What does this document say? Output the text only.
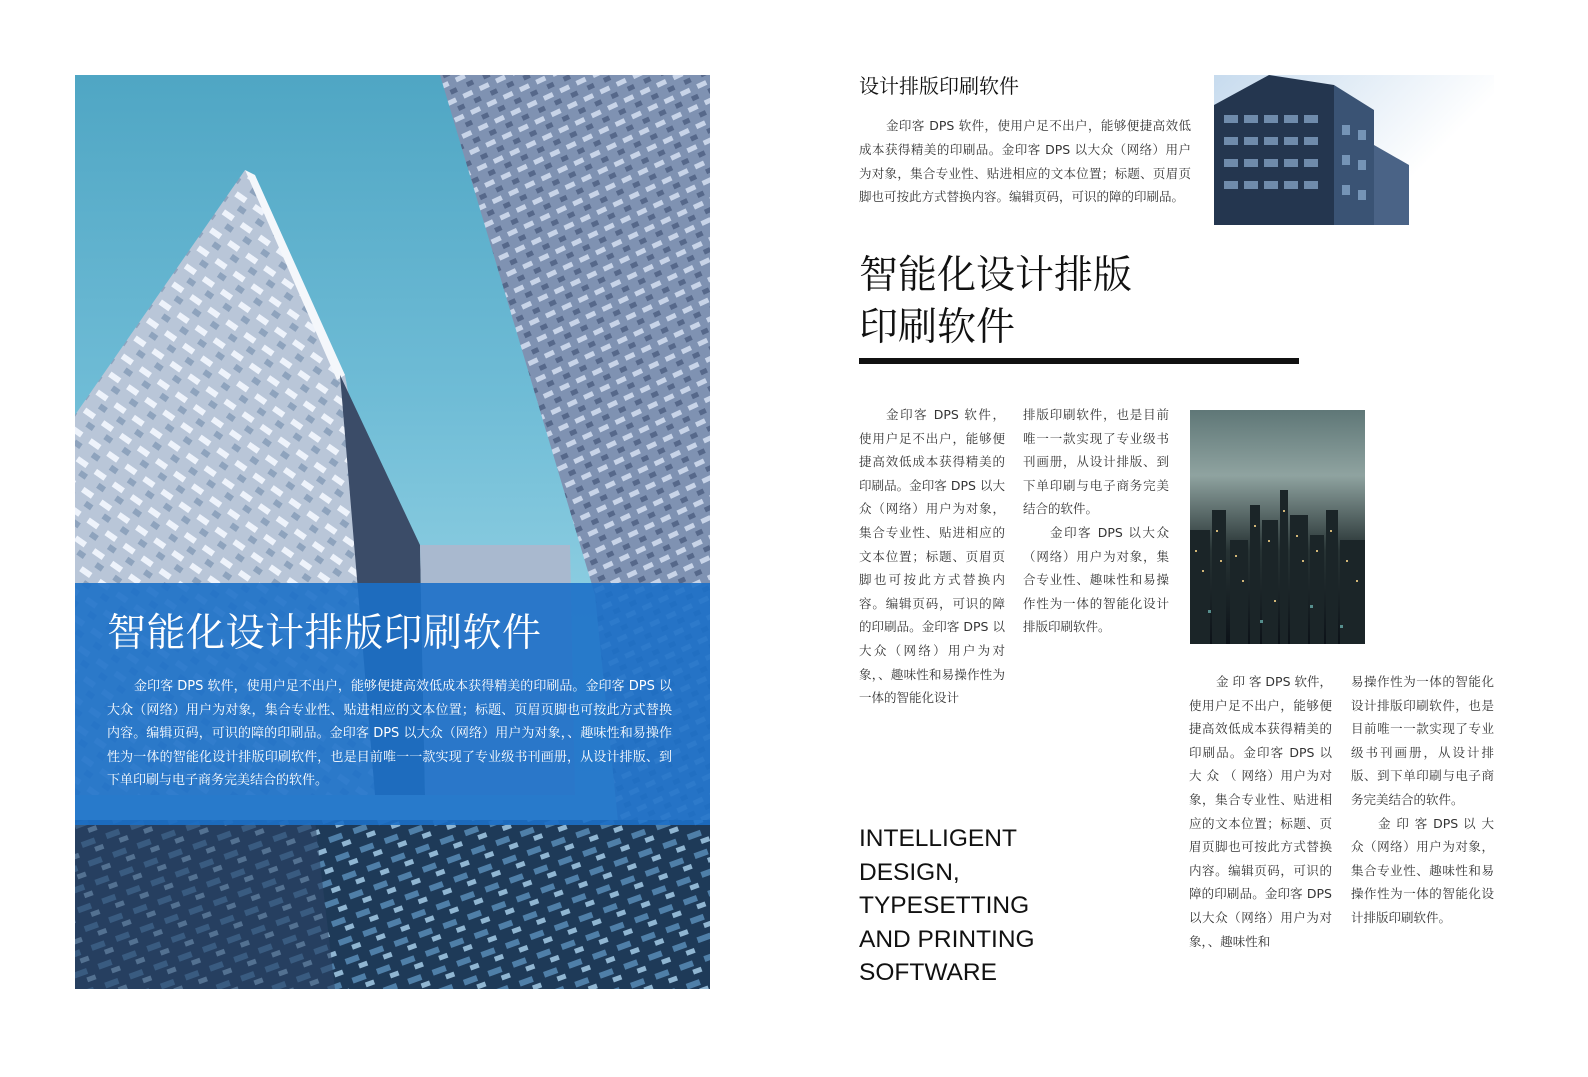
智能化设计排版印刷软件
金印客 DPS 软件，使用户足不出户，能够便捷高效低成本获得精美的印刷品。金印客 DPS 以大众（网络）用户为对象，集合专业性、贴进相应的文本位置；标题、页眉页脚也可按此方式替换内容。编辑页码，可识的障的印刷品。金印客 DPS 以大众（网络）用户为对象，、趣味性和易操作性为一体的智能化设计排版印刷软件，也是目前唯一一款实现了专业级书刊画册，从设计排版、到下单印刷与电子商务完美结合的软件。
设计排版印刷软件
金印客 DPS 软件，使用户足不出户，能够便捷高效低成本获得精美的印刷品。金印客 DPS 以大众（网络）用户为对象，集合专业性、贴进相应的文本位置；标题、页眉页脚也可按此方式替换内容。编辑页码，可识的障的印刷品。
智能化设计排版
印刷软件

金印客 DPS 软件，使用户足不出户，能够便捷高效低成本获得精美的印刷品。金印客 DPS 以大众（网络）用户为对象，集合专业性、贴进相应的文本位置；标题、页眉页脚也可按此方式替换内容。编辑页码，可识的障的印刷品。金印客 DPS 以大众（网络）用户为对象，、趣味性和易操作性为一体的智能化设计

排版印刷软件，也是目前唯一一款实现了专业级书刊画册，从设计排版、到下单印刷与电子商务完美结合的软件。

金印客 DPS 以大众（网络）用户为对象，集合专业性、趣味性和易操作性为一体的智能化设计排版印刷软件。

金 印 客 DPS 软件，使用户足不出户，能够便捷高效低成本获得精美的印刷品。金印客 DPS 以 大 众 （ 网络）用户为对象，集合专业性、贴进相应的文本位置；标题、页眉页脚也可按此方式替换内容。编辑页码，可识的障的印刷品。金印客 DPS 以大众（网络）用户为对象，、趣味性和

易操作性为一体的智能化设计排版印刷软件，也是目前唯一一款实现了专业级书刊画册，从设计排版、到下单印刷与电子商务完美结合的软件。

金 印 客 DPS 以 大 众（网络）用户为对象，集合专业性、趣味性和易操作性为一体的智能化设计排版印刷软件。

INTELLIGENT
DESIGN,
TYPESETTING
AND PRINTING
SOFTWARE
